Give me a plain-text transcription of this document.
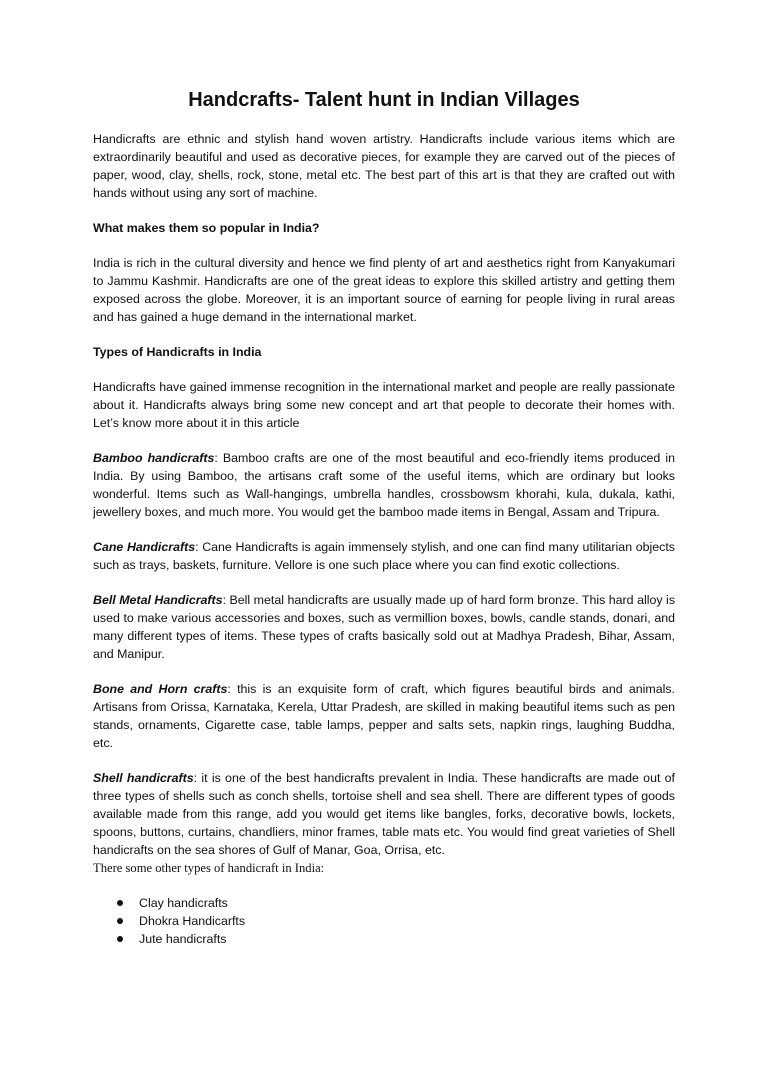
Handcrafts- Talent hunt in Indian Villages

Handicrafts are ethnic and stylish hand woven artistry. Handicrafts include various items which are extraordinarily beautiful and used as decorative pieces, for example they are carved out of the pieces of paper, wood, clay, shells, rock, stone, metal etc. The best part of this art is that they are crafted out with hands without using any sort of machine.

What makes them so popular in India?

India is rich in the cultural diversity and hence we find plenty of art and aesthetics right from Kanyakumari to Jammu Kashmir. Handicrafts are one of the great ideas to explore this skilled artistry and getting them exposed across the globe. Moreover, it is an important source of earning for people living in rural areas and has gained a huge demand in the international market.

Types of Handicrafts in India

Handicrafts have gained immense recognition in the international market and people are really passionate about it. Handicrafts always bring some new concept and art that people to decorate their homes with. Let’s know more about it in this article

Bamboo handicrafts: Bamboo crafts are one of the most beautiful and eco-friendly items produced in India. By using Bamboo, the artisans craft some of the useful items, which are ordinary but looks wonderful. Items such as Wall-hangings, umbrella handles, crossbowsm khorahi, kula, dukala, kathi, jewellery boxes, and much more. You would get the bamboo made items in Bengal, Assam and Tripura.

Cane Handicrafts: Cane Handicrafts is again immensely stylish, and one can find many utilitarian objects such as trays, baskets, furniture. Vellore is one such place where you can find exotic collections.

Bell Metal Handicrafts: Bell metal handicrafts are usually made up of hard form bronze. This hard alloy is used to make various accessories and boxes, such as vermillion boxes, bowls, candle stands, donari, and many different types of items. These types of crafts basically sold out at Madhya Pradesh, Bihar, Assam, and Manipur.

Bone and Horn crafts: this is an exquisite form of craft, which figures beautiful birds and animals. Artisans from Orissa, Karnataka, Kerela, Uttar Pradesh, are skilled in making beautiful items such as pen stands, ornaments, Cigarette case, table lamps, pepper and salts sets, napkin rings, laughing Buddha, etc.

Shell handicrafts: it is one of the best handicrafts prevalent in India. These handicrafts are made out of three types of shells such as conch shells, tortoise shell and sea shell. There are different types of goods available made from this range, add you would get items like bangles, forks, decorative bowls, lockets, spoons, buttons, curtains, chandliers, minor frames, table mats etc. You would find great varieties of Shell handicrafts on the sea shores of Gulf of Manar, Goa, Orrisa, etc.

There some other types of handicraft in India:

Clay handicrafts
Dhokra Handicarfts
Jute handicrafts
